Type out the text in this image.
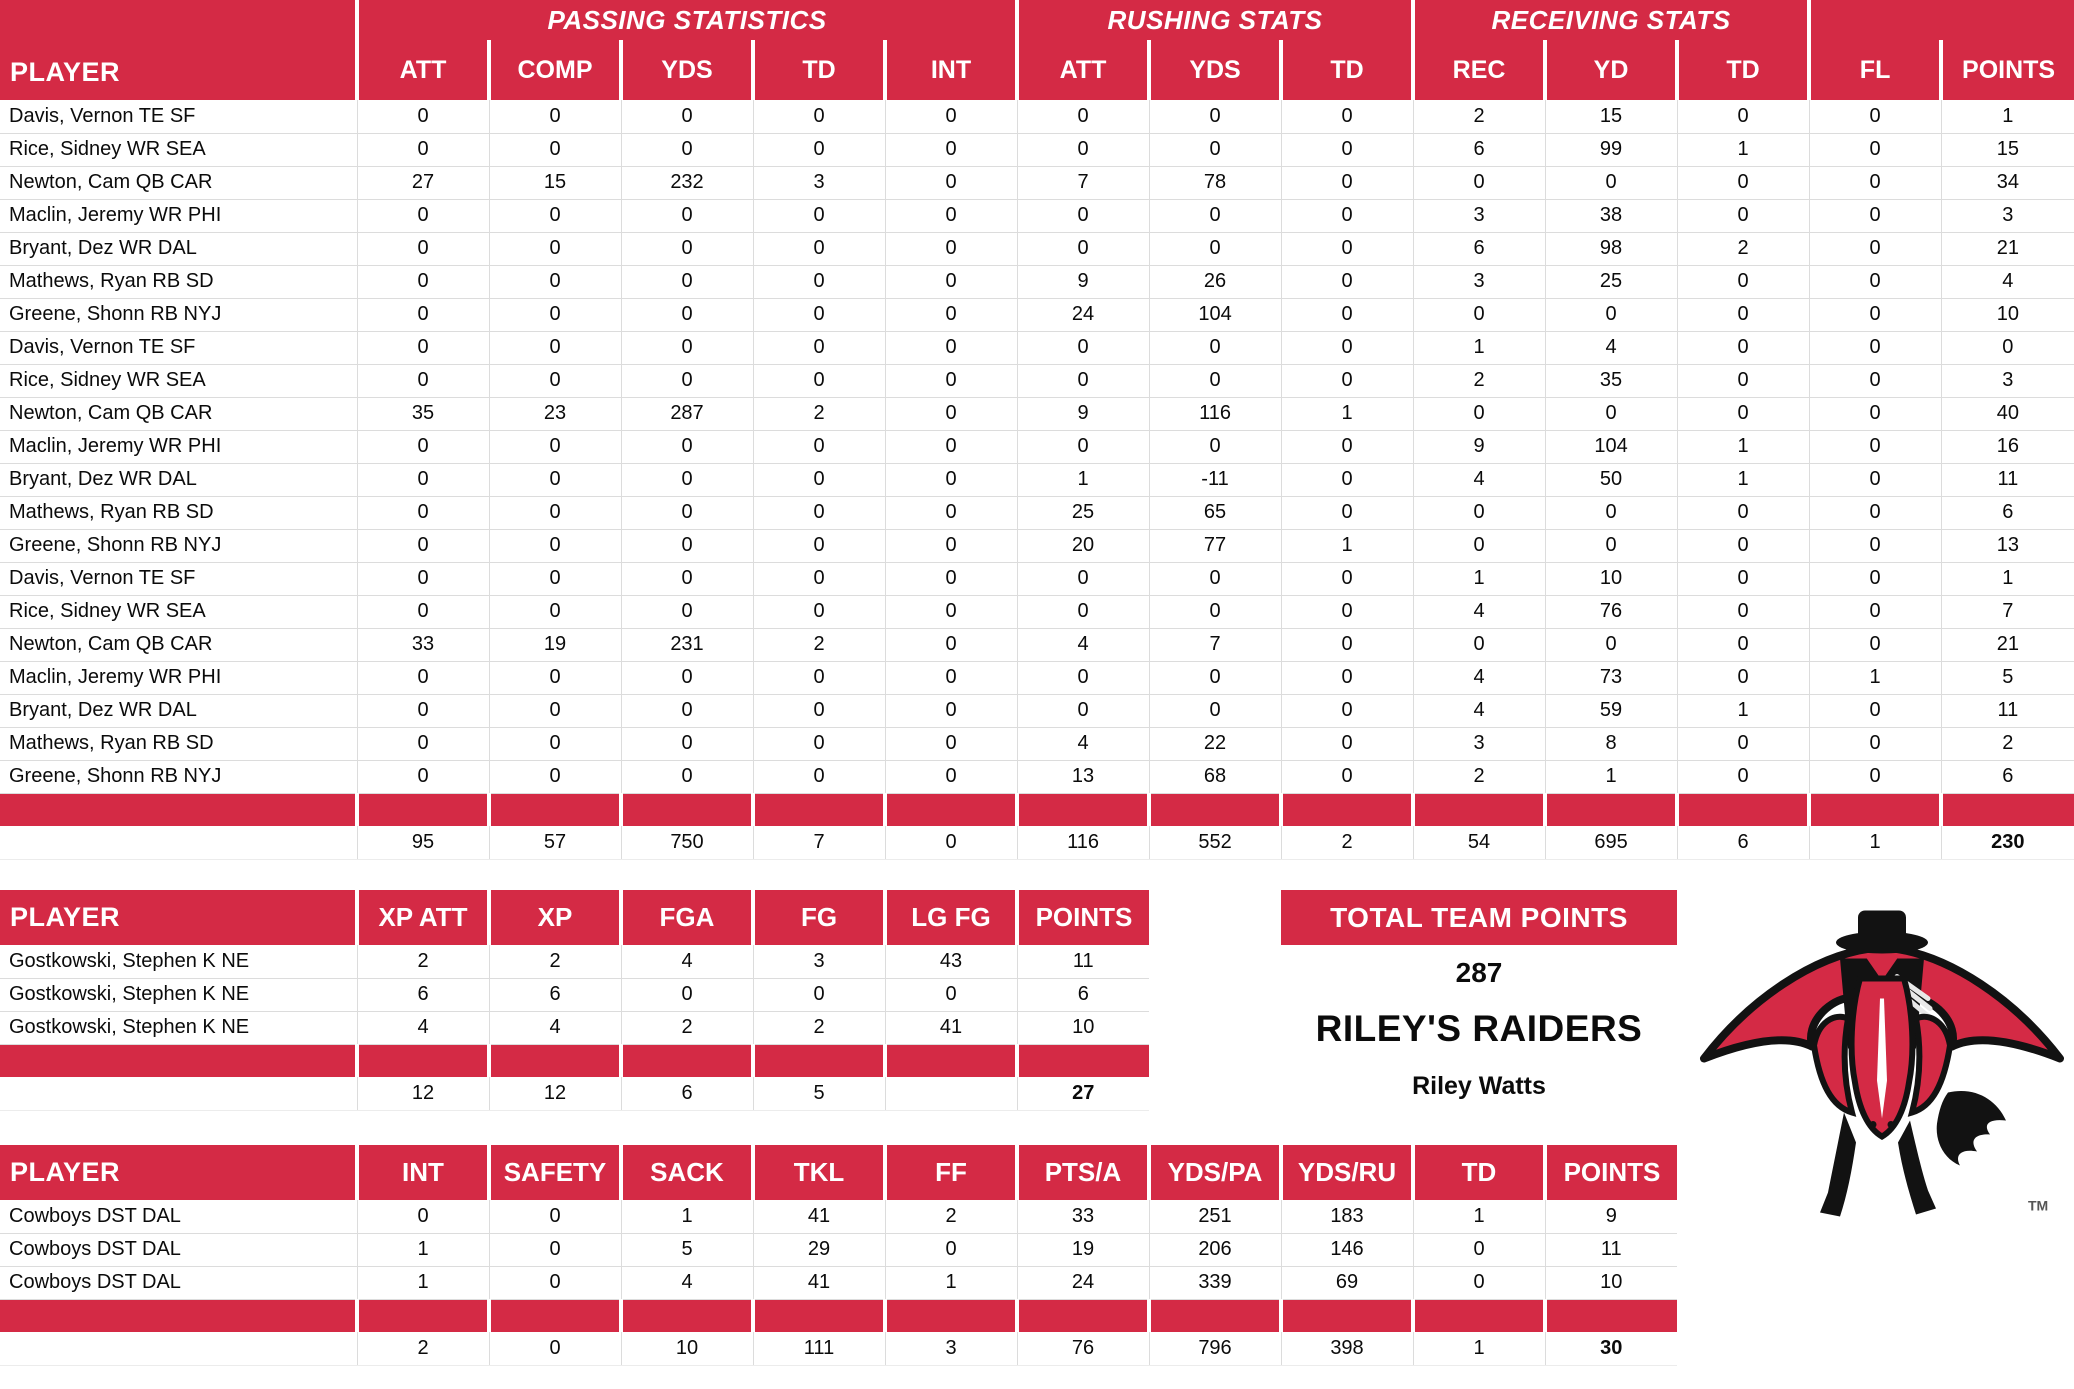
PLAYER	PASSING STATISTICS					RUSHING STATS			RECEIVING STATS				
	ATT	COMP	YDS	TD	INT	ATT	YDS	TD	REC	YD	TD	FL	POINTS
Davis, Vernon TE SF	0	0	0	0	0	0	0	0	2	15	0	0	1
Rice, Sidney WR SEA	0	0	0	0	0	0	0	0	6	99	1	0	15
Newton, Cam QB CAR	27	15	232	3	0	7	78	0	0	0	0	0	34
Maclin, Jeremy WR PHI	0	0	0	0	0	0	0	0	3	38	0	0	3
Bryant, Dez WR DAL	0	0	0	0	0	0	0	0	6	98	2	0	21
Mathews, Ryan RB SD	0	0	0	0	0	9	26	0	3	25	0	0	4
Greene, Shonn RB NYJ	0	0	0	0	0	24	104	0	0	0	0	0	10
Davis, Vernon TE SF	0	0	0	0	0	0	0	0	1	4	0	0	0
Rice, Sidney WR SEA	0	0	0	0	0	0	0	0	2	35	0	0	3
Newton, Cam QB CAR	35	23	287	2	0	9	116	1	0	0	0	0	40
Maclin, Jeremy WR PHI	0	0	0	0	0	0	0	0	9	104	1	0	16
Bryant, Dez WR DAL	0	0	0	0	0	1	-11	0	4	50	1	0	11
Mathews, Ryan RB SD	0	0	0	0	0	25	65	0	0	0	0	0	6
Greene, Shonn RB NYJ	0	0	0	0	0	20	77	1	0	0	0	0	13
Davis, Vernon TE SF	0	0	0	0	0	0	0	0	1	10	0	0	1
Rice, Sidney WR SEA	0	0	0	0	0	0	0	0	4	76	0	0	7
Newton, Cam QB CAR	33	19	231	2	0	4	7	0	0	0	0	0	21
Maclin, Jeremy WR PHI	0	0	0	0	0	0	0	0	4	73	0	1	5
Bryant, Dez WR DAL	0	0	0	0	0	0	0	0	4	59	1	0	11
Mathews, Ryan RB SD	0	0	0	0	0	4	22	0	3	8	0	0	2
Greene, Shonn RB NYJ	0	0	0	0	0	13	68	0	2	1	0	0	6

	95	57	750	7	0	116	552	2	54	695	6	1	230
PLAYER	XP ATT	XP	FGA	FG	LG FG	POINTS
Gostkowski, Stephen K NE	2	2	4	3	43	11
Gostkowski, Stephen K NE	6	6	0	0	0	6
Gostkowski, Stephen K NE	4	4	2	2	41	10

	12	12	6	5		27
PLAYER	INT	SAFETY	SACK	TKL	FF	PTS/A	YDS/PA	YDS/RU	TD	POINTS
Cowboys DST DAL	0	0	1	41	2	33	251	183	1	9
Cowboys DST DAL	1	0	5	29	0	19	206	146	0	11
Cowboys DST DAL	1	0	4	41	1	24	339	69	0	10

	2	0	10	111	3	76	796	398	1	30
TOTAL TEAM POINTS
287
RILEY'S RAIDERS
Riley Watts
TM
